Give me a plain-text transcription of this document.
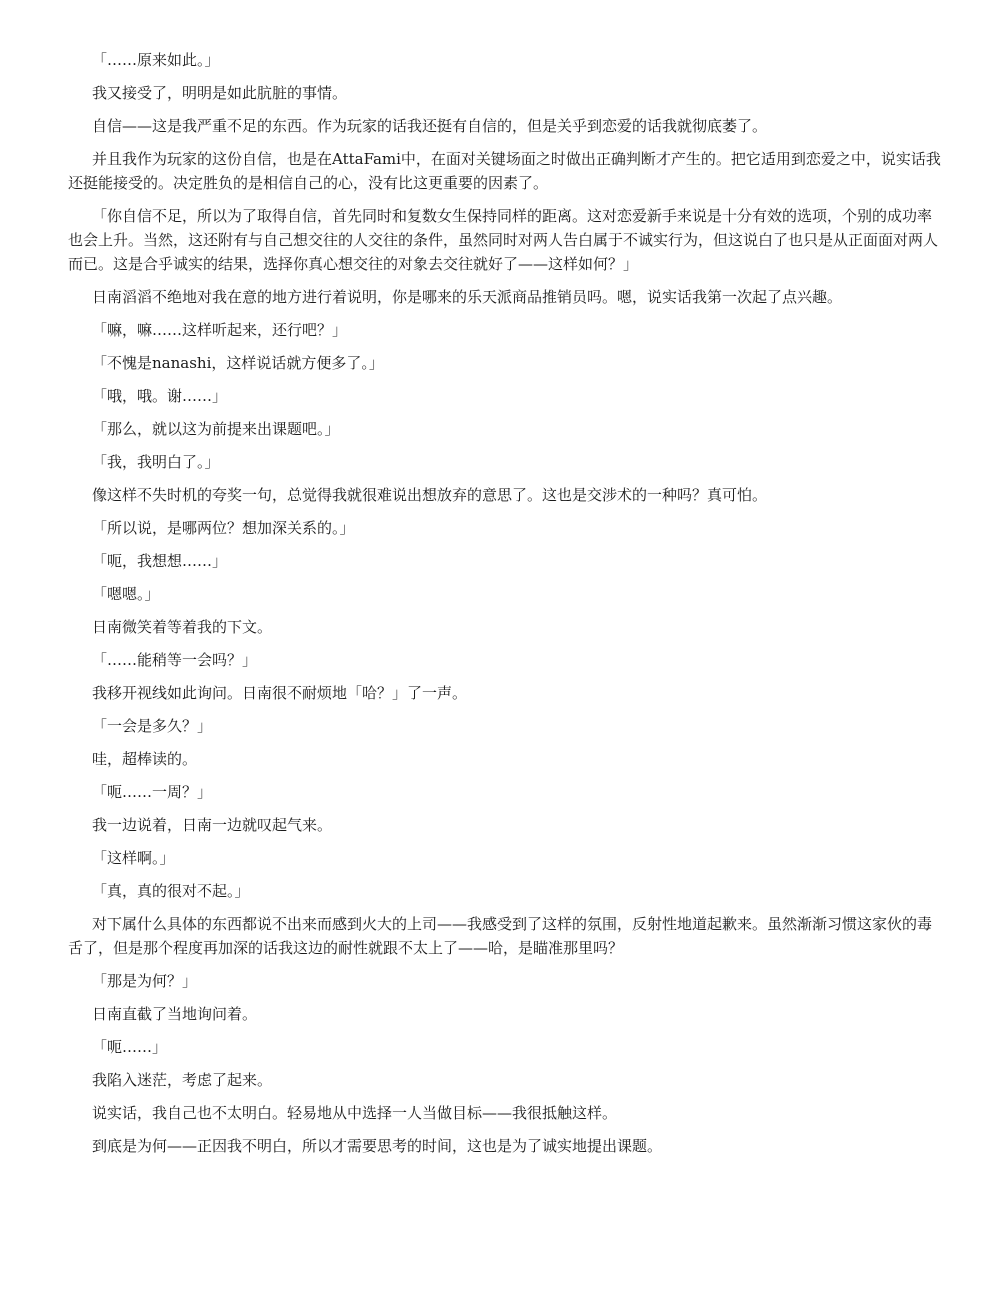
「……原来如此。」

我又接受了，明明是如此肮脏的事情。

自信——这是我严重不足的东西。作为玩家的话我还挺有自信的，但是关乎到恋爱的话我就彻底萎了。

并且我作为玩家的这份自信，也是在AttaFami中，在面对关键场面之时做出正确判断才产生的。把它适用到恋爱之中，说实话我还挺能接受的。决定胜负的是相信自己的心，没有比这更重要的因素了。

「你自信不足，所以为了取得自信，首先同时和复数女生保持同样的距离。这对恋爱新手来说是十分有效的选项，个别的成功率也会上升。当然，这还附有与自己想交往的人交往的条件，虽然同时对两人告白属于不诚实行为，但这说白了也只是从正面面对两人而已。这是合乎诚实的结果，选择你真心想交往的对象去交往就好了——这样如何？」

日南滔滔不绝地对我在意的地方进行着说明，你是哪来的乐天派商品推销员吗。嗯，说实话我第一次起了点兴趣。

「嘛，嘛……这样听起来，还行吧？」

「不愧是nanashi，这样说话就方便多了。」

「哦，哦。谢……」

「那么，就以这为前提来出课题吧。」

「我，我明白了。」

像这样不失时机的夸奖一句，总觉得我就很难说出想放弃的意思了。这也是交涉术的一种吗？真可怕。

「所以说，是哪两位？想加深关系的。」

「呃，我想想……」

「嗯嗯。」

日南微笑着等着我的下文。

「……能稍等一会吗？」

我移开视线如此询问。日南很不耐烦地「哈？」了一声。

「一会是多久？」

哇，超棒读的。

「呃……一周？」

我一边说着，日南一边就叹起气来。

「这样啊。」

「真，真的很对不起。」

对下属什么具体的东西都说不出来而感到火大的上司——我感受到了这样的氛围，反射性地道起歉来。虽然渐渐习惯这家伙的毒舌了，但是那个程度再加深的话我这边的耐性就跟不太上了——哈，是瞄准那里吗？

「那是为何？」

日南直截了当地询问着。

「呃……」

我陷入迷茫，考虑了起来。

说实话，我自己也不太明白。轻易地从中选择一人当做目标——我很抵触这样。

到底是为何——正因我不明白，所以才需要思考的时间，这也是为了诚实地提出课题。
